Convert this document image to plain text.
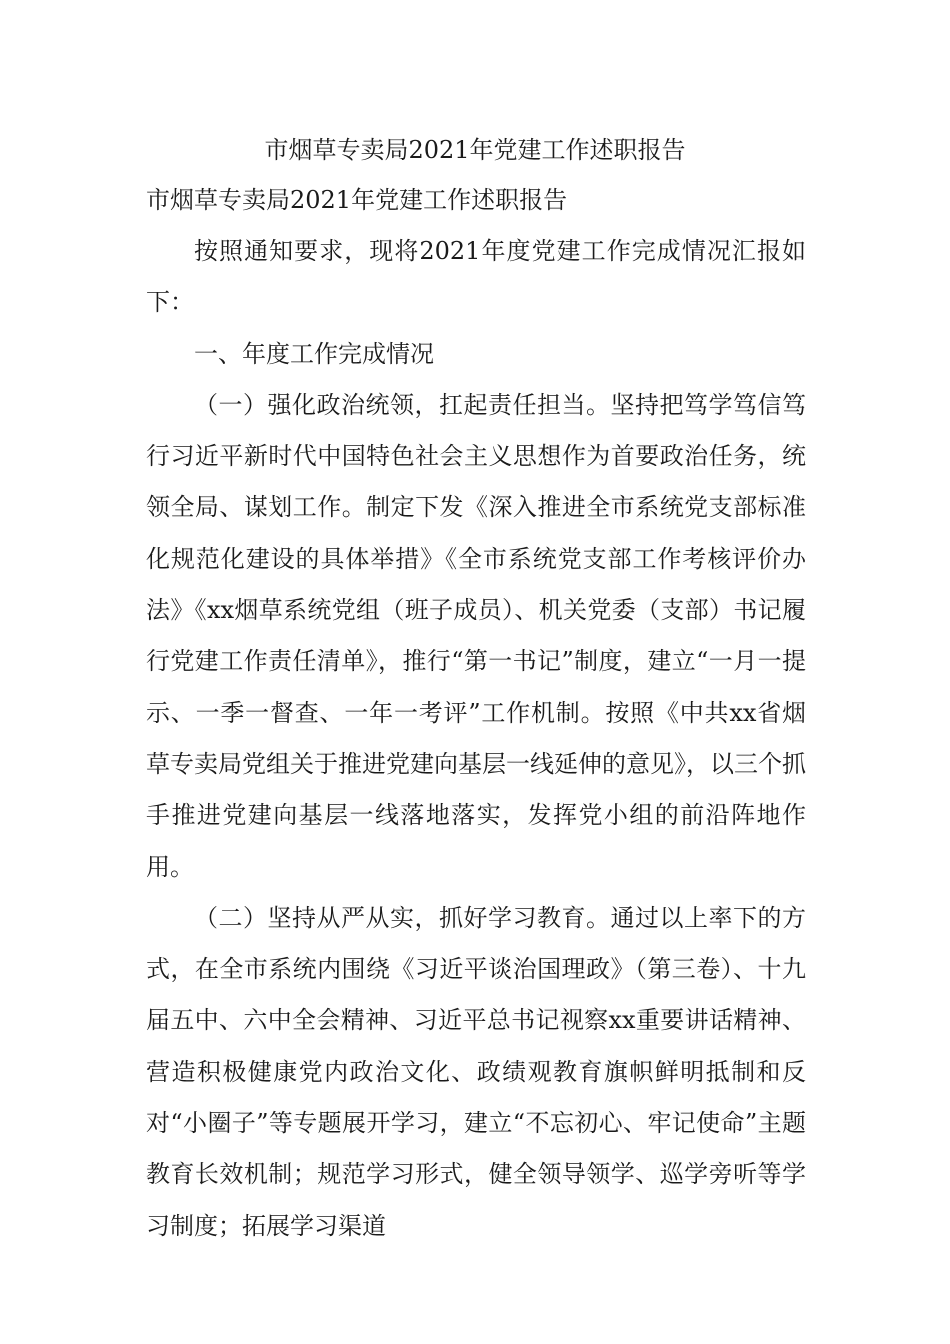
市烟草专卖局2021年党建工作述职报告
市烟草专卖局2021年党建工作述职报告

按照通知要求，现将2021年度党建工作完成情况汇报如下：

一、年度工作完成情况

（一）强化政治统领，扛起责任担当。坚持把笃学笃信笃行习近平新时代中国特色社会主义思想作为首要政治任务，统领全局、谋划工作。制定下发《深入推进全市系统党支部标准化规范化建设的具体举措》《全市系统党支部工作考核评价办法》《xx烟草系统党组（班子成员）、机关党委（支部）书记履行党建工作责任清单》，推行“第一书记”制度，建立“一月一提示、一季一督查、一年一考评”工作机制。按照《中共xx省烟草专卖局党组关于推进党建向基层一线延伸的意见》，以三个抓手推进党建向基层一线落地落实，发挥党小组的前沿阵地作用。

（二）坚持从严从实，抓好学习教育。通过以上率下的方式，在全市系统内围绕《习近平谈治国理政》（第三卷）、十九届五中、六中全会精神、习近平总书记视察xx重要讲话精神、营造积极健康党内政治文化、政绩观教育旗帜鲜明抵制和反对“小圈子”等专题展开学习，建立“不忘初心、牢记使命”主题教育长效机制；规范学习形式，健全领导领学、巡学旁听等学习制度；拓展学习渠道
